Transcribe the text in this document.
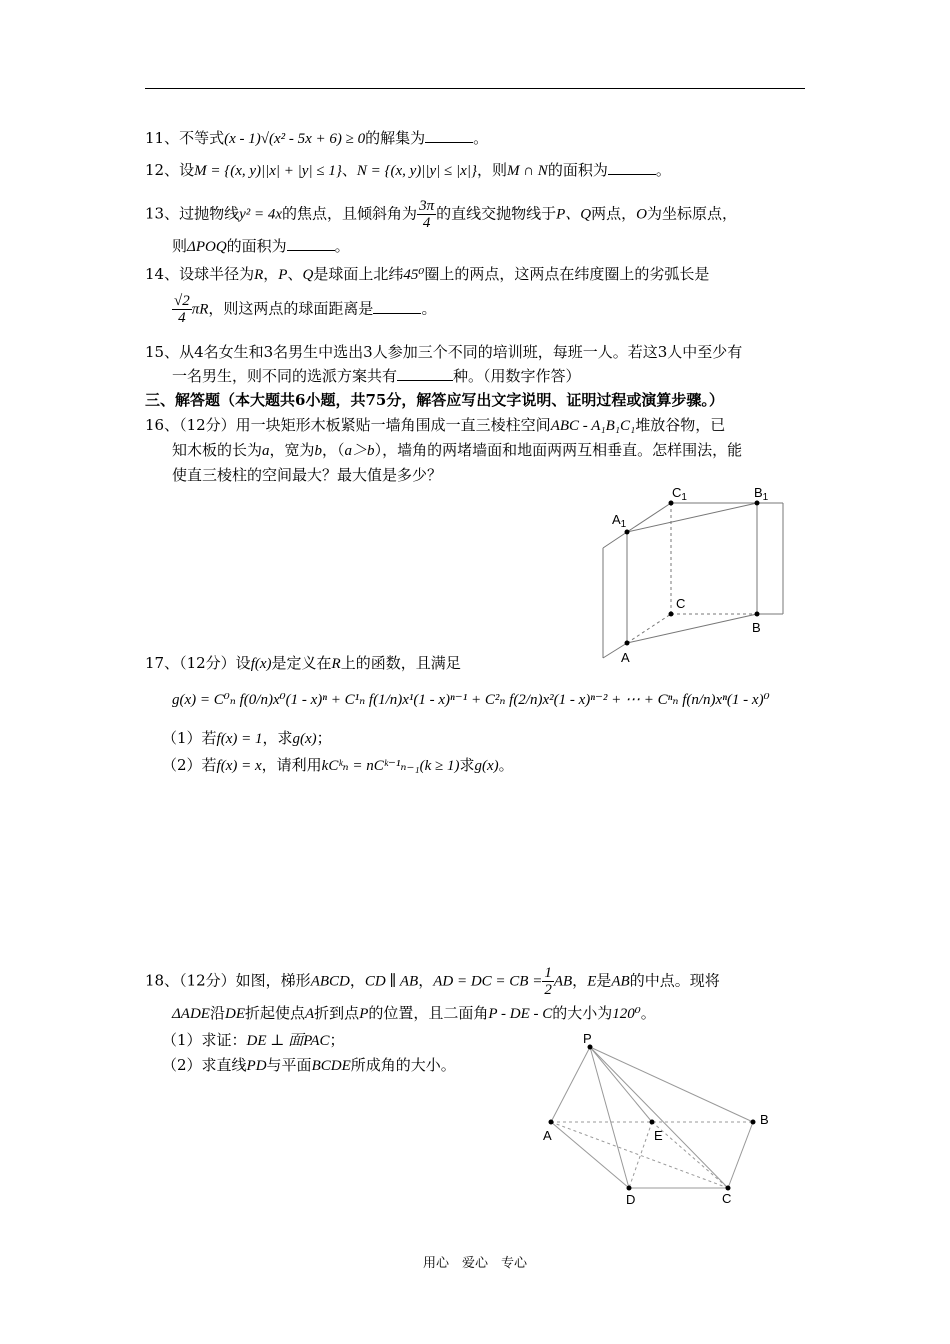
11、不等式(x - 1)√(x² - 5x + 6) ≥ 0的解集为	。
12、设M = {(x, y)||x| + |y| ≤ 1}、N = {(x, y)||y| ≤ |x|}，则M ∩ N的面积为	。
13、过抛物线y² = 4x的焦点，且倾斜角为 $\frac{3\pi}{4}$ 的直线交抛物线于P、Q两点，O为坐标原点，
则ΔPOQ的面积为	。
14、设球半径为R，P、Q是球面上北纬45⁰圈上的两点，这两点在纬度圈上的劣弧长是
$\frac{√2}{4}$ πR，则这两点的球面距离是	。
15、从4名女生和3名男生中选出3人参加三个不同的培训班，每班一人。若这3人中至少有
一名男生，则不同的选派方案共有	种。（用数字作答）
三、解答题（本大题共6小题，共75分，解答应写出文字说明、证明过程或演算步骤。）
16、（12分）用一块矩形木板紧贴一墙角围成一直三棱柱空间ABC - A₁B₁C₁堆放谷物，已
知木板的长为a，宽为b，（a＞b），墙角的两堵墙面和地面两两互相垂直。怎样围法，能
使直三棱柱的空间最大？最大值是多少？
$C_1$	$B_1$
$A_1$
C
B
A
17、（12分）设f(x)是定义在R上的函数，且满足
g(x) = C⁰ₙ f(0/n)x⁰(1 - x)ⁿ + C¹ₙ f(1/n)x¹(1 - x)ⁿ⁻¹ + C²ₙ f(2/n)x²(1 - x)ⁿ⁻² + ⋯ + Cⁿₙ f(n/n)xⁿ(1 - x)⁰
（1）若f(x) = 1，求g(x)；
（2）若f(x) = x，请利用kCᵏₙ = nCᵏ⁻¹ₙ₋₁(k ≥ 1)求g(x)。
18、（12分）如图，梯形ABCD，CD ∥ AB，AD = DC = CB = $\frac{1}{2}$ AB，E是AB的中点。现将
ΔADE沿DE折起使点A折到点P的位置，且二面角P - DE - C的大小为120⁰。
（1）求证：DE ⊥ 面PAC；
（2）求直线PD与平面BCDE所成角的大小。
P
A	E
B
D	C
用心　爱心　专心
